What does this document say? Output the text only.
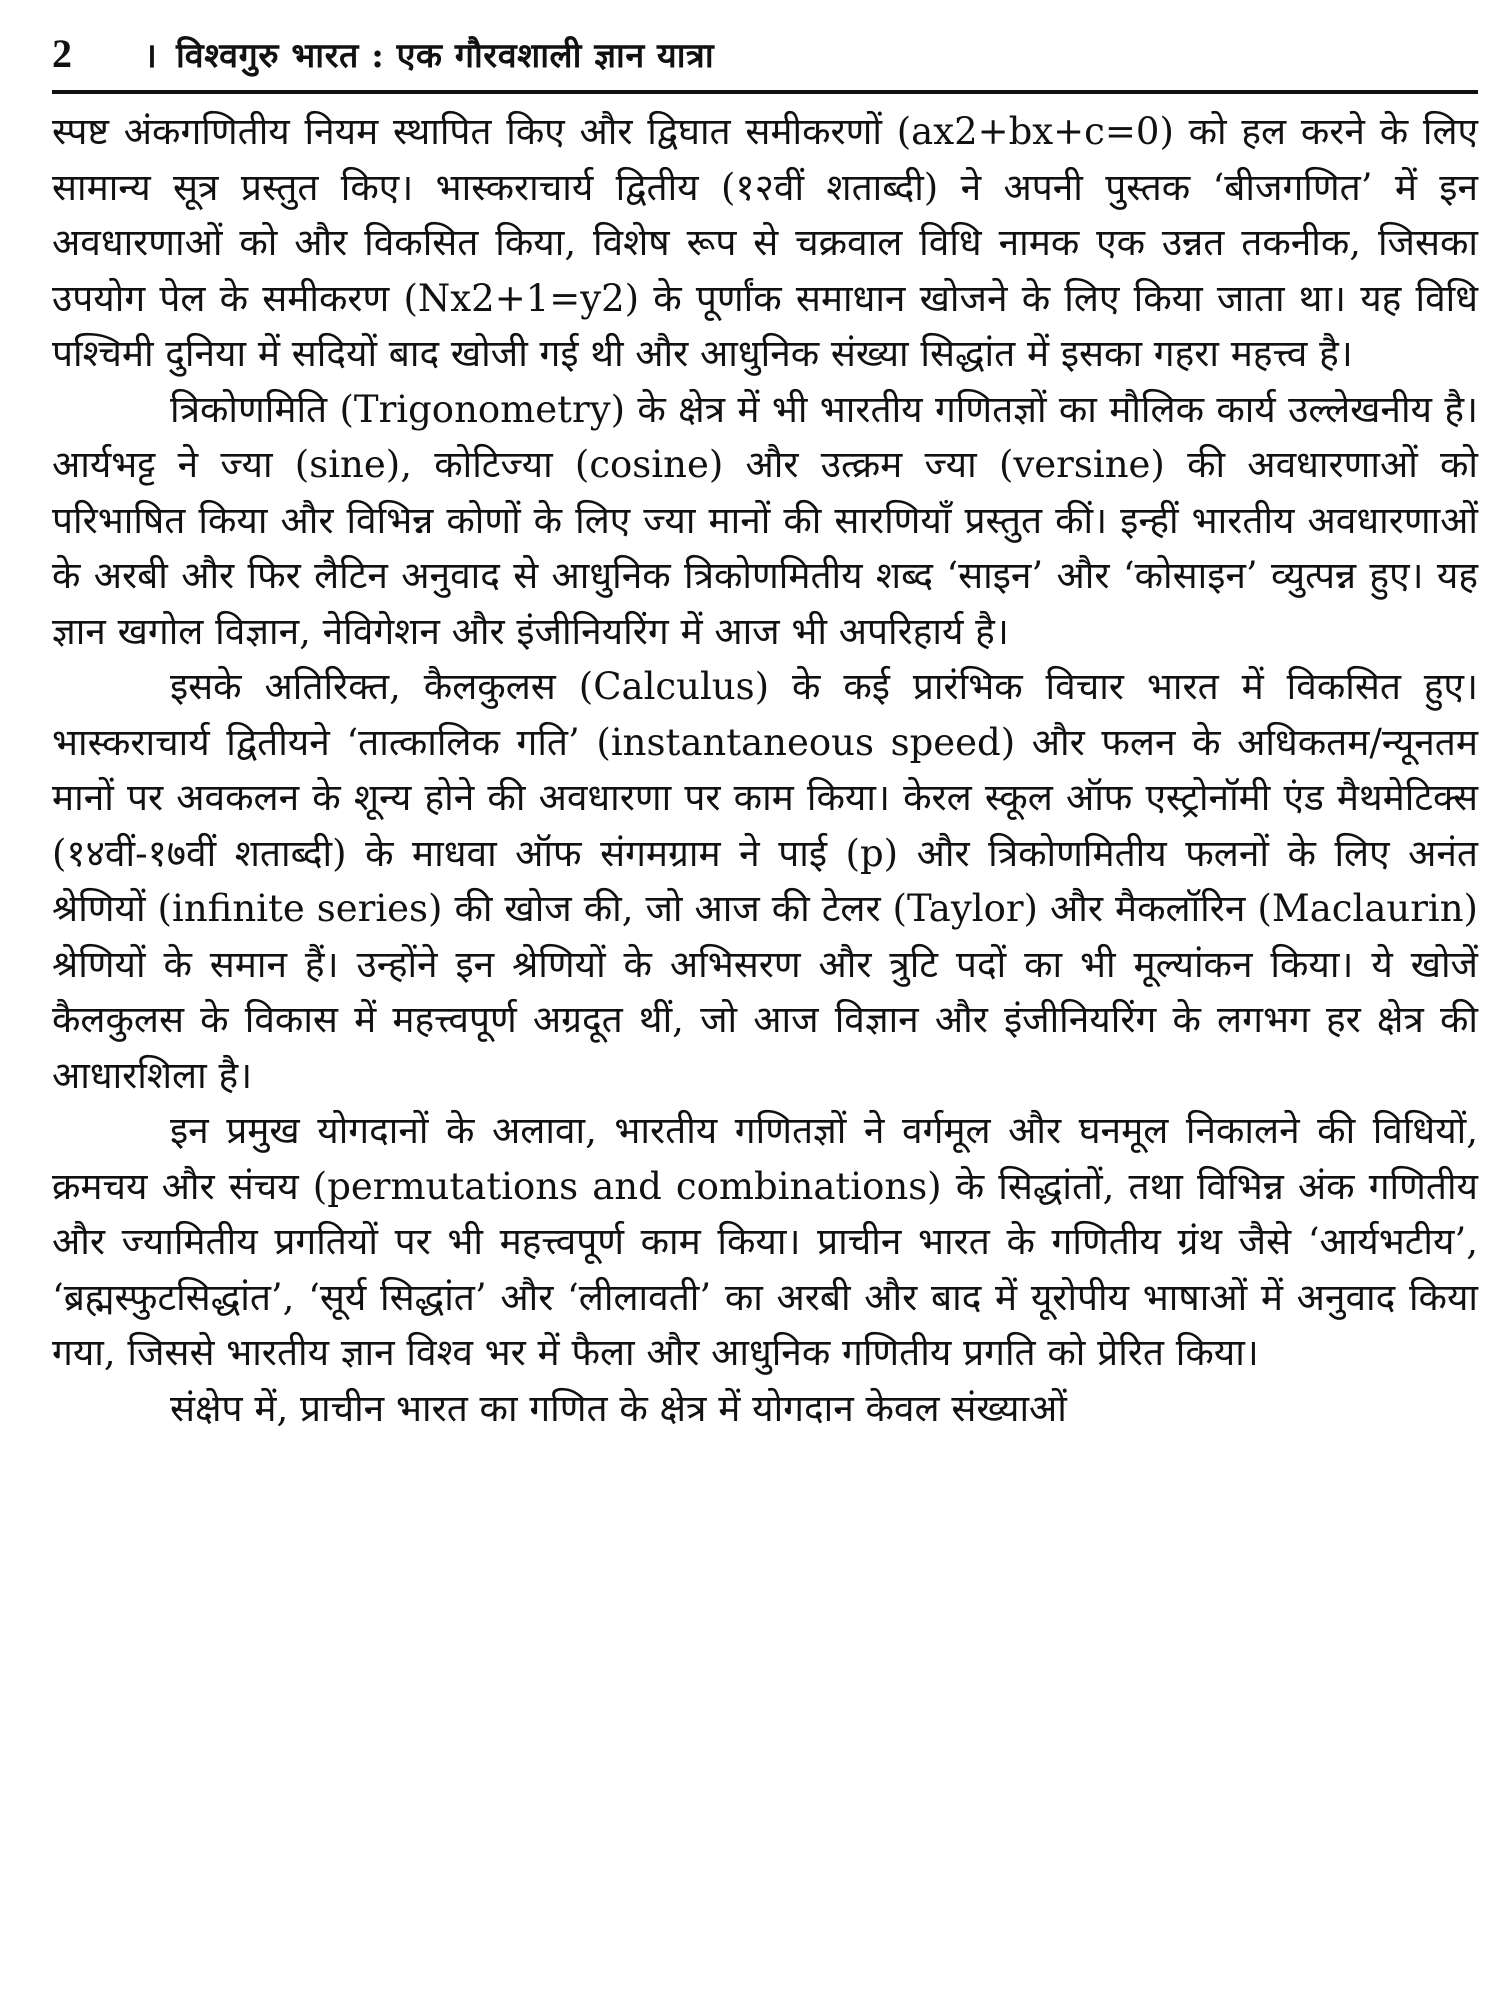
2	। विश्वगुरु भारत : एक गौरवशाली ज्ञान यात्रा

स्पष्ट अंकगणितीय नियम स्थापित किए और द्विघात समीकरणों (ax2+bx+c=0) को हल करने के लिए सामान्य सूत्र प्रस्तुत किए। भास्कराचार्य द्वितीय (१२वीं शताब्दी) ने अपनी पुस्तक ‘बीजगणित’ में इन अवधारणाओं को और विकसित किया, विशेष रूप से चक्रवाल विधि नामक एक उन्नत तकनीक, जिसका उपयोग पेल के समीकरण (Nx2+1=y2) के पूर्णांक समाधान खोजने के लिए किया जाता था। यह विधि पश्चिमी दुनिया में सदियों बाद खोजी गई थी और आधुनिक संख्या सिद्धांत में इसका गहरा महत्त्व है।

त्रिकोणमिति (Trigonometry) के क्षेत्र में भी भारतीय गणितज्ञों का मौलिक कार्य उल्लेखनीय है। आर्यभट्ट ने ज्या (sine), कोटिज्या (cosine) और उत्क्रम ज्या (versine) की अवधारणाओं को परिभाषित किया और विभिन्न कोणों के लिए ज्या मानों की सारणियाँ प्रस्तुत कीं। इन्हीं भारतीय अवधारणाओं के अरबी और फिर लैटिन अनुवाद से आधुनिक त्रिकोणमितीय शब्द ‘साइन’ और ‘कोसाइन’ व्युत्पन्न हुए। यह ज्ञान खगोल विज्ञान, नेविगेशन और इंजीनियरिंग में आज भी अपरिहार्य है।

इसके अतिरिक्त, कैलकुलस (Calculus) के कई प्रारंभिक विचार भारत में विकसित हुए। भास्कराचार्य द्वितीयने ‘तात्कालिक गति’ (instantaneous speed) और फलन के अधिकतम/न्यूनतम मानों पर अवकलन के शून्य होने की अवधारणा पर काम किया। केरल स्कूल ऑफ एस्ट्रोनॉमी एंड मैथमेटिक्स (१४वीं-१७वीं शताब्दी) के माधवा ऑफ संगमग्राम ने पाई (p) और त्रिकोणमितीय फलनों के लिए अनंत श्रेणियों (infinite series) की खोज की, जो आज की टेलर (Taylor) और मैकलॉरिन (Maclaurin) श्रेणियों के समान हैं। उन्होंने इन श्रेणियों के अभिसरण और त्रुटि पदों का भी मूल्यांकन किया। ये खोजें कैलकुलस के विकास में महत्त्वपूर्ण अग्रदूत थीं, जो आज विज्ञान और इंजीनियरिंग के लगभग हर क्षेत्र की आधारशिला है।

इन प्रमुख योगदानों के अलावा, भारतीय गणितज्ञों ने वर्गमूल और घनमूल निकालने की विधियों, क्रमचय और संचय (permutations and combinations) के सिद्धांतों, तथा विभिन्न अंक गणितीय और ज्यामितीय प्रगतियों पर भी महत्त्वपूर्ण काम किया। प्राचीन भारत के गणितीय ग्रंथ जैसे ‘आर्यभटीय’, ‘ब्रह्मस्फुटसिद्धांत’, ‘सूर्य सिद्धांत’ और ‘लीलावती’ का अरबी और बाद में यूरोपीय भाषाओं में अनुवाद किया गया, जिससे भारतीय ज्ञान विश्व भर में फैला और आधुनिक गणितीय प्रगति को प्रेरित किया।

संक्षेप में, प्राचीन भारत का गणित के क्षेत्र में योगदान केवल संख्याओं
